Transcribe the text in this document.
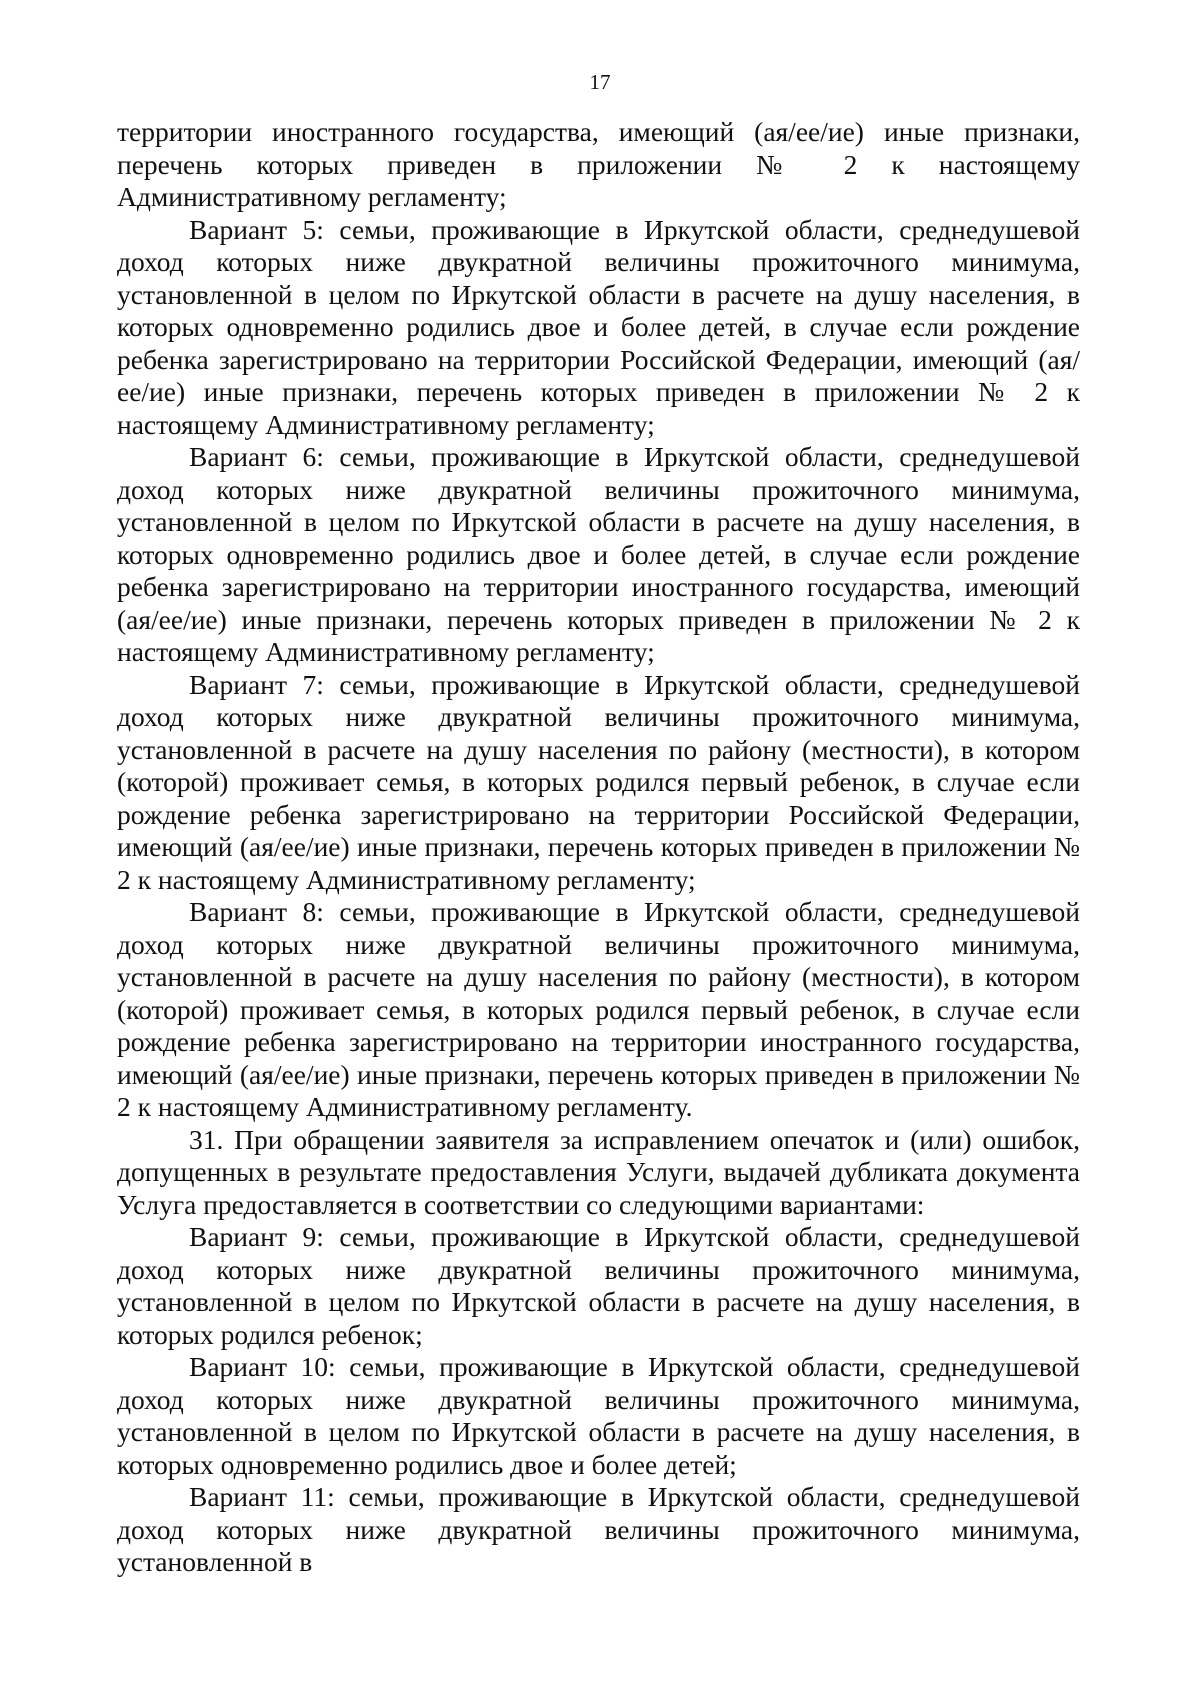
17

территории иностранного государства, имеющий (ая/ее/ие) иные признаки, перечень которых приведен в приложении № 2 к настоящему Административному регламенту;

Вариант 5: семьи, проживающие в Иркутской области, среднедушевой доход которых ниже двукратной величины прожиточного минимума, установленной в целом по Иркутской области в расчете на душу населения, в которых одновременно родились двое и более детей, в случае если рождение ребенка зарегистрировано на территории Российской Федерации, имеющий (ая/ее/ие) иные признаки, перечень которых приведен в приложении № 2 к настоящему Административному регламенту;

Вариант 6: семьи, проживающие в Иркутской области, среднедушевой доход которых ниже двукратной величины прожиточного минимума, установленной в целом по Иркутской области в расчете на душу населения, в которых одновременно родились двое и более детей, в случае если рождение ребенка зарегистрировано на территории иностранного государства, имеющий (ая/ее/ие) иные признаки, перечень которых приведен в приложении № 2 к настоящему Административному регламенту;

Вариант 7: семьи, проживающие в Иркутской области, среднедушевой доход которых ниже двукратной величины прожиточного минимума, установленной в расчете на душу населения по району (местности), в котором (которой) проживает семья, в которых родился первый ребенок, в случае если рождение ребенка зарегистрировано на территории Российской Федерации, имеющий (ая/ее/ие) иные признаки, перечень которых приведен в приложении № 2 к настоящему Административному регламенту;

Вариант 8: семьи, проживающие в Иркутской области, среднедушевой доход которых ниже двукратной величины прожиточного минимума, установленной в расчете на душу населения по району (местности), в котором (которой) проживает семья, в которых родился первый ребенок, в случае если рождение ребенка зарегистрировано на территории иностранного государства, имеющий (ая/ее/ие) иные признаки, перечень которых приведен в приложении № 2 к настоящему Административному регламенту.

31. При обращении заявителя за исправлением опечаток и (или) ошибок, допущенных в результате предоставления Услуги, выдачей дубликата документа Услуга предоставляется в соответствии со следующими вариантами:

Вариант 9: семьи, проживающие в Иркутской области, среднедушевой доход которых ниже двукратной величины прожиточного минимума, установленной в целом по Иркутской области в расчете на душу населения, в которых родился ребенок;

Вариант 10: семьи, проживающие в Иркутской области, среднедушевой доход которых ниже двукратной величины прожиточного минимума, установленной в целом по Иркутской области в расчете на душу населения, в которых одновременно родились двое и более детей;

Вариант 11: семьи, проживающие в Иркутской области, среднедушевой доход которых ниже двукратной величины прожиточного минимума, установленной в
